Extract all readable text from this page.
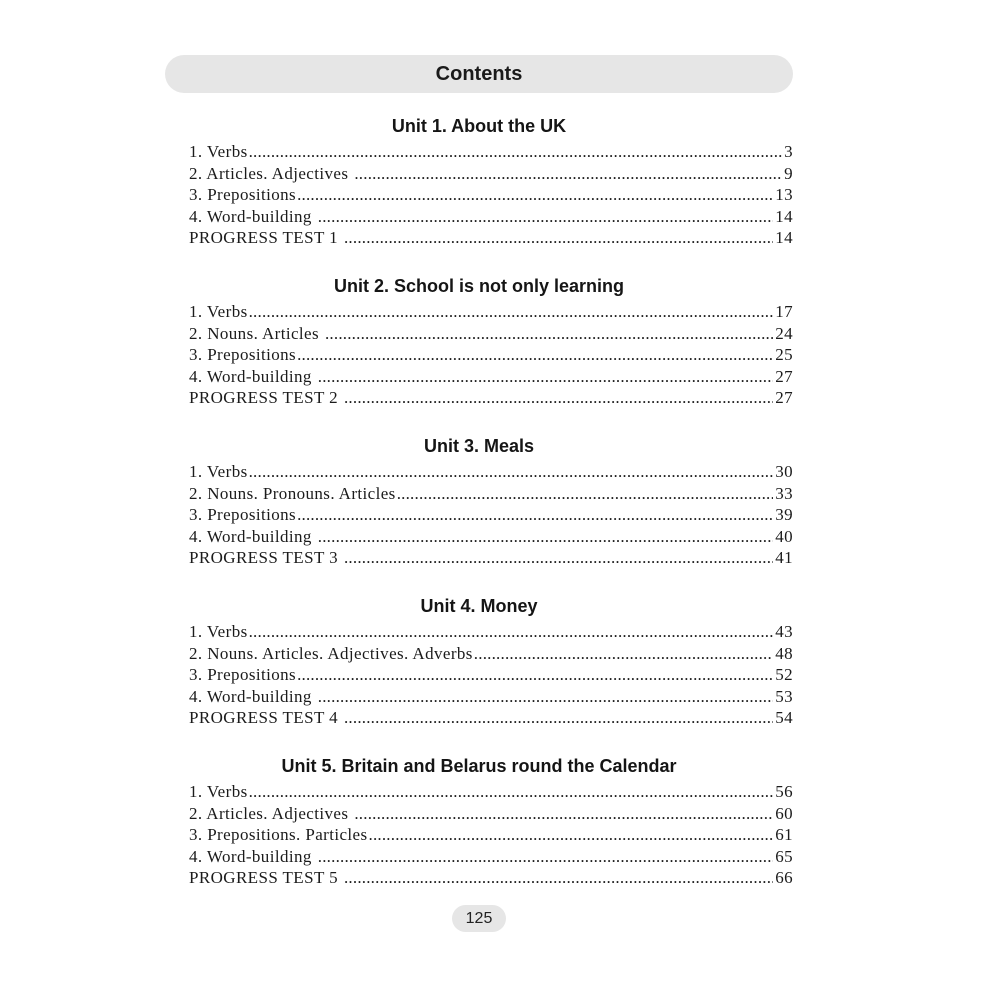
Contents
Unit 1. About the UK
1. Verbs .....	3
2. Articles. Adjectives .....	9
3. Prepositions .....	13
4. Word-building .....	14
PROGRESS TEST 1 .....	14
Unit 2. School is not only learning
1. Verbs .....	17
2. Nouns. Articles .....	24
3. Prepositions .....	25
4. Word-building .....	27
PROGRESS TEST 2 .....	27
Unit 3. Meals
1. Verbs .....	30
2. Nouns. Pronouns. Articles .....	33
3. Prepositions .....	39
4. Word-building .....	40
PROGRESS TEST 3 .....	41
Unit 4. Money
1. Verbs .....	43
2. Nouns. Articles. Adjectives. Adverbs .....	48
3. Prepositions .....	52
4. Word-building .....	53
PROGRESS TEST 4 .....	54
Unit 5. Britain and Belarus round the Calendar
1. Verbs .....	56
2. Articles. Adjectives .....	60
3. Prepositions. Particles .....	61
4. Word-building .....	65
PROGRESS TEST 5 .....	66
125
